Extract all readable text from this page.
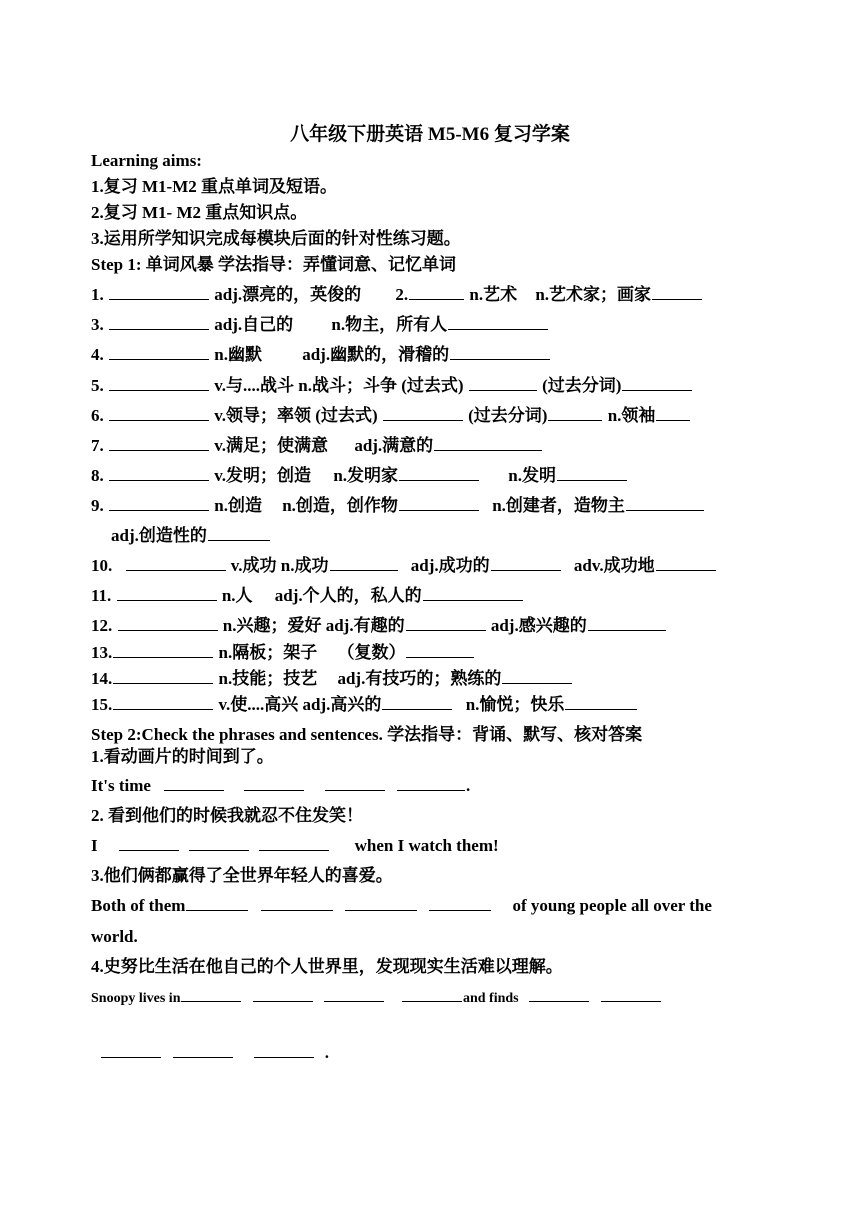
八年级下册英语 M5-M6 复习学案
Learning aims:
1.复习 M1-M2 重点单词及短语。
2.复习 M1- M2 重点知识点。
3.运用所学知识完成每模块后面的针对性练习题。
Step 1: 单词风暴 学法指导：弄懂词意、记忆单词
1.	adj.漂亮的，英俊的 2.	n.艺术 n.艺术家；画家
3.	adj.自己的 n.物主，所有人
4.	n.幽默 adj.幽默的，滑稽的
5.	v.与....战斗 n.战斗；斗争 (过去式)	(过去分词)
6.	v.领导；率领 (过去式)	(过去分词)	n.领袖
7.	v.满足；使满意 adj.满意的
8.	v.发明；创造 n.发明家	n.发明
9.	n.创造 n.创造，创作物	n.创建者，造物主
adj.创造性的
10.	v.成功 n.成功	adj.成功的	adv.成功地
11.	n.人 adj.个人的，私人的
12.	n.兴趣；爱好 adj.有趣的	adj.感兴趣的
13.	n.隔板；架子 （复数）
14.	n.技能；技艺 adj.有技巧的；熟练的
15.	v.使....高兴 adj.高兴的	n.愉悦；快乐
Step 2:Check the phrases and sentences. 学法指导：背诵、默写、核对答案
1.看动画片的时间到了。
It's time	.
2. 看到他们的时候我就忍不住发笑！
I	when I watch them!
3.他们俩都赢得了全世界年轻人的喜爱。
Both of them	of young people all over the
world.
4.史努比生活在他自己的个人世界里，发现现实生活难以理解。
Snoopy lives in	and finds
.
